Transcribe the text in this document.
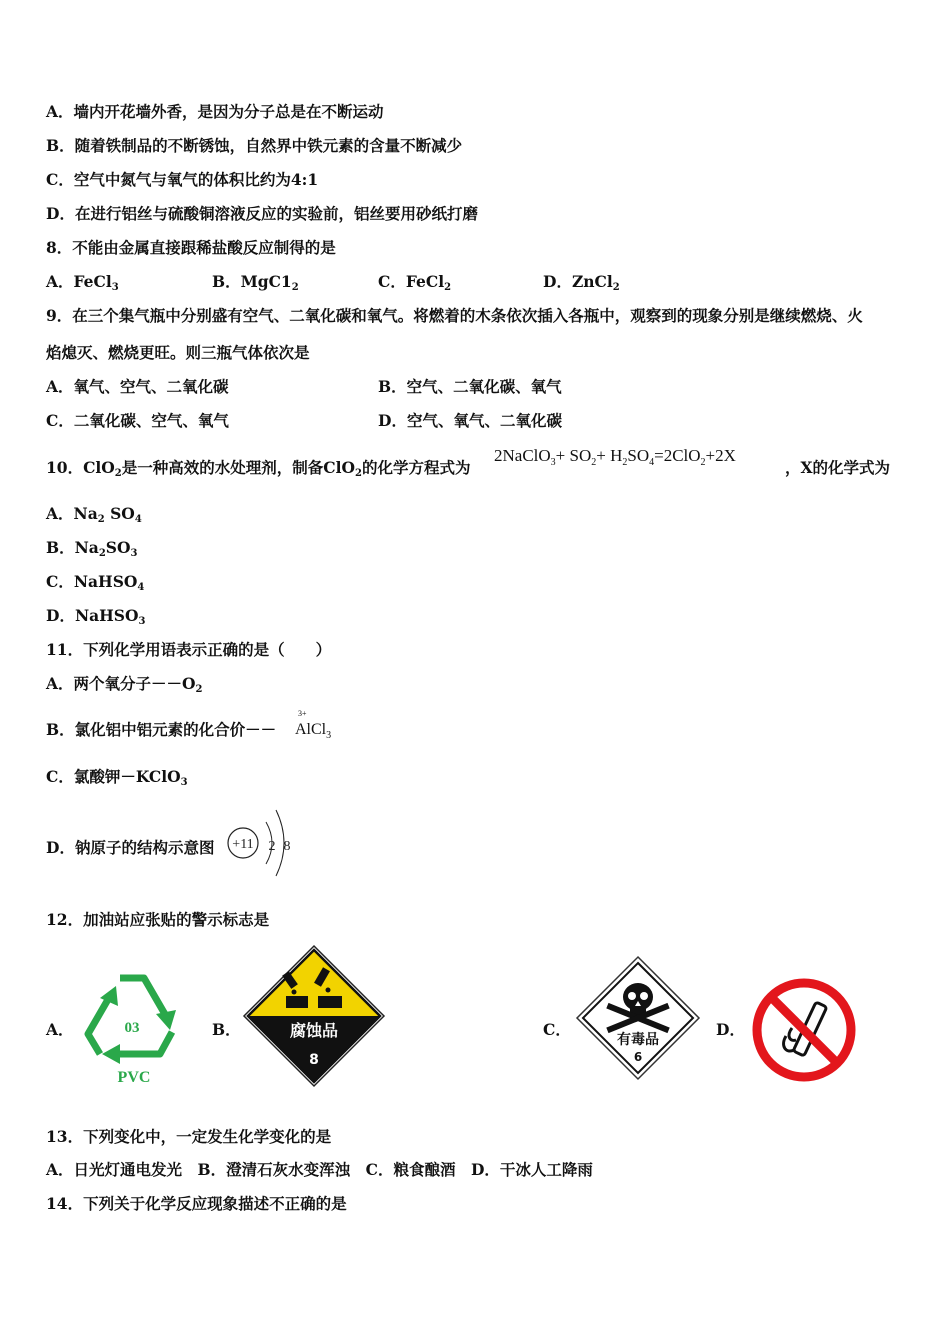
A．墙内开花墙外香，是因为分子总是在不断运动
B．随着铁制品的不断锈蚀，自然界中铁元素的含量不断减少
C．空气中氮气与氧气的体积比约为4:1
D．在进行铝丝与硫酸铜溶液反应的实验前，铝丝要用砂纸打磨
8．不能由金属直接跟稀盐酸反应制得的是
A．FeCl$_3$	B．$MgC1_2$	C．FeCl$_2$	D．ZnCl$_2$
9．在三个集气瓶中分别盛有空气、二氧化碳和氧气。将燃着的木条依次插入各瓶中，观察到的现象分别是继续燃烧、火
焰熄灭、燃烧更旺。则三瓶气体依次是
A．氧气、空气、二氧化碳	B．空气、二氧化碳、氧气
C．二氧化碳、空气、氧气	D．空气、氧气、二氧化碳
10．ClO$_2$是一种高效的水处理剂，制备ClO$_2$的化学方程式为
2NaClO$_3$+ $SO_2+ H_2SO_4=2ClO_2+2X$
，X的化学式为
A．$Na_2$ $SO_4$
B．$Na_2SO_3$
C．NaHSO$_4$
D．NaHSO$_3$
11．下列化学用语表示正确的是（　　）
A．两个氧分子$--O_2$
B．氯化铝中铝元素的化合价－－ AlCl$_3$
3+
C．氯酸钾－KClO$_3$
D．钠原子的结构示意图 +11 2 8
12．加油站应张贴的警示标志是
A．	B．	C．	D．
03
PVC
腐蚀品
8
有毒品
6
13．下列变化中，一定发生化学变化的是
A．日光灯通电发光　B．澄清石灰水变浑浊　C．粮食酿酒　D．干冰人工降雨
14．下列关于化学反应现象描述不正确的是
